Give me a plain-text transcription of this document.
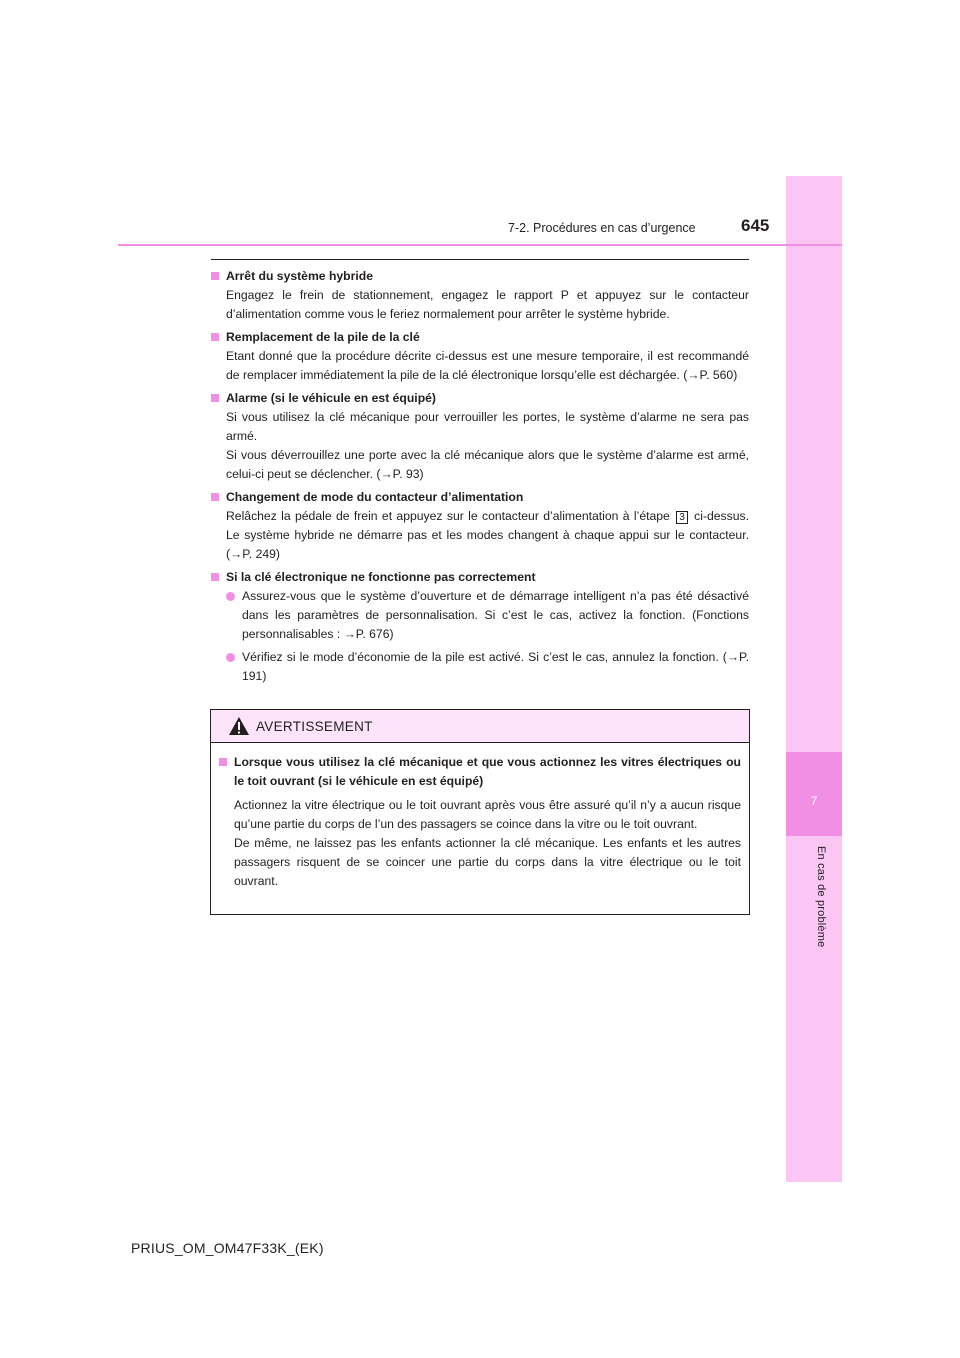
7
En cas de problème
7-2. Procédures en cas d’urgence	645
Arrêt du système hybride
Engagez le frein de stationnement, engagez le rapport P et appuyez sur le contacteur d’alimentation comme vous le feriez normalement pour arrêter le système hybride.
Remplacement de la pile de la clé
Etant donné que la procédure décrite ci-dessus est une mesure temporaire, il est recommandé de remplacer immédiatement la pile de la clé électronique lorsqu’elle est déchargée. (→P. 560)
Alarme (si le véhicule en est équipé)
Si vous utilisez la clé mécanique pour verrouiller les portes, le système d’alarme ne sera pas armé.
Si vous déverrouillez une porte avec la clé mécanique alors que le système d’alarme est armé, celui-ci peut se déclencher. (→P. 93)
Changement de mode du contacteur d’alimentation
Relâchez la pédale de frein et appuyez sur le contacteur d’alimentation à l’étape 3 ci-dessus. Le système hybride ne démarre pas et les modes changent à chaque appui sur le contacteur. (→P. 249)
Si la clé électronique ne fonctionne pas correctement
Assurez-vous que le système d’ouverture et de démarrage intelligent n’a pas été désactivé dans les paramètres de personnalisation. Si c’est le cas, activez la fonction. (Fonctions personnalisables : →P. 676)
Vérifiez si le mode d’économie de la pile est activé. Si c’est le cas, annulez la fonction. (→P. 191)
AVERTISSEMENT
Lorsque vous utilisez la clé mécanique et que vous actionnez les vitres électriques ou le toit ouvrant (si le véhicule en est équipé)
Actionnez la vitre électrique ou le toit ouvrant après vous être assuré qu’il n’y a aucun risque qu’une partie du corps de l’un des passagers se coince dans la vitre ou le toit ouvrant.
De même, ne laissez pas les enfants actionner la clé mécanique. Les enfants et les autres passagers risquent de se coincer une partie du corps dans la vitre électrique ou le toit ouvrant.
PRIUS_OM_OM47F33K_(EK)
